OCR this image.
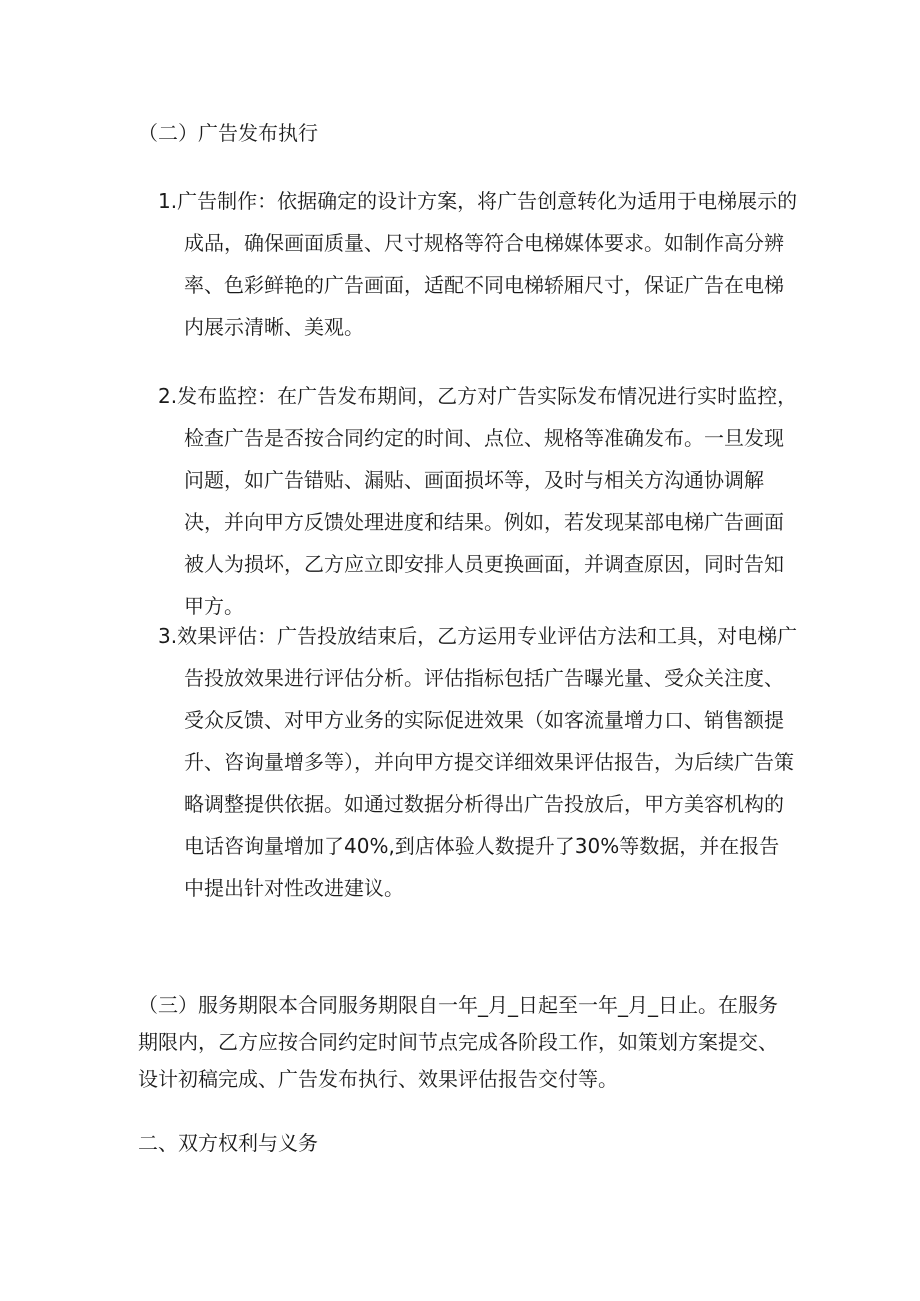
（二）广告发布执行
1.广告制作：依据确定的设计方案，将广告创意转化为适用于电梯展示的成品，确保画面质量、尺寸规格等符合电梯媒体要求。如制作高分辨率、色彩鲜艳的广告画面，适配不同电梯轿厢尺寸，保证广告在电梯内展示清晰、美观。
2.发布监控：在广告发布期间，乙方对广告实际发布情况进行实时监控，检查广告是否按合同约定的时间、点位、规格等准确发布。一旦发现问题，如广告错贴、漏贴、画面损坏等，及时与相关方沟通协调解决，并向甲方反馈处理进度和结果。例如，若发现某部电梯广告画面被人为损坏，乙方应立即安排人员更换画面，并调查原因，同时告知甲方。
3.效果评估：广告投放结束后，乙方运用专业评估方法和工具，对电梯广告投放效果进行评估分析。评估指标包括广告曝光量、受众关注度、受众反馈、对甲方业务的实际促进效果（如客流量增力口、销售额提升、咨询量增多等），并向甲方提交详细效果评估报告，为后续广告策略调整提供依据。如通过数据分析得出广告投放后，甲方美容机构的电话咨询量增加了40%,到店体验人数提升了30%等数据，并在报告中提出针对性改进建议。
（三）服务期限本合同服务期限自一年_月_日起至一年_月_日止。在服务期限内，乙方应按合同约定时间节点完成各阶段工作，如策划方案提交、设计初稿完成、广告发布执行、效果评估报告交付等。
二、双方权利与义务
